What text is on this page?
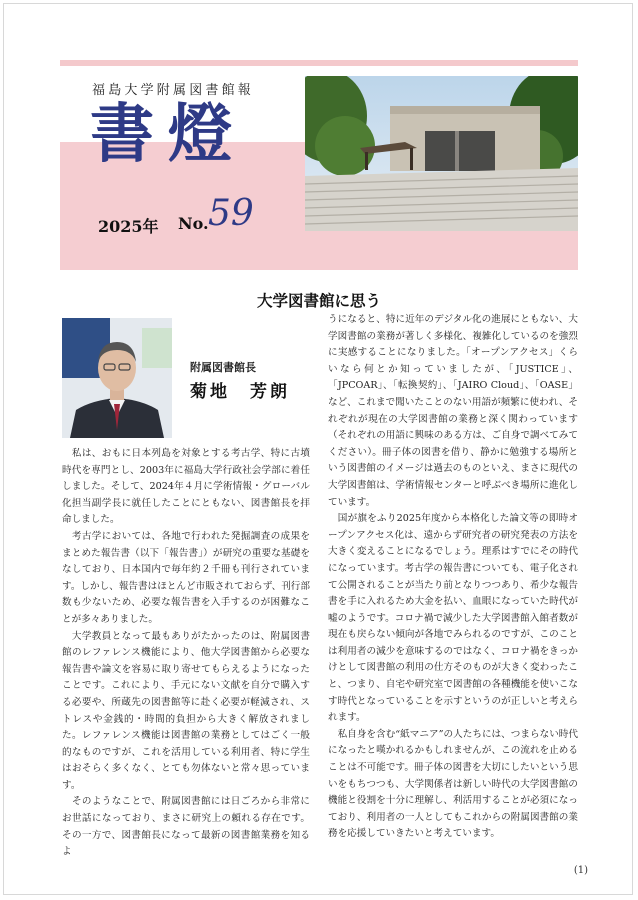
福島大学附属図書館報
書燈
2025年 No. 59
大学図書館に思う
附属図書館長
菊地　芳朗

　私は、おもに日本列島を対象とする考古学、特に古墳時代を専門とし、2003年に福島大学行政社会学部に着任しました。そして、2024年４月に学術情報・グローバル化担当副学長に就任したことにともない、図書館長を拝命しました。

　考古学においては、各地で行われた発掘調査の成果をまとめた報告書（以下「報告書」）が研究の重要な基礎をなしており、日本国内で毎年約２千冊も刊行されています。しかし、報告書はほとんど市販されておらず、刊行部数も少ないため、必要な報告書を入手するのが困難なことが多々ありました。

　大学教員となって最もありがたかったのは、附属図書館のレファレンス機能により、他大学図書館から必要な報告書や論文を容易に取り寄せてもらえるようになったことです。これにより、手元にない文献を自分で購入する必要や、所蔵先の図書館等に赴く必要が軽減され、ストレスや金銭的・時間的負担から大きく解放されました。レファレンス機能は図書館の業務としてはごく一般的なものですが、これを活用している利用者、特に学生はおそらく多くなく、とても勿体ないと常々思っています。

　そのようなことで、附属図書館には日ごろから非常にお世話になっており、まさに研究上の頼れる存在です。その一方で、図書館長になって最新の図書館業務を知るよ

うになると、特に近年のデジタル化の進展にともない、大学図書館の業務が著しく多様化、複雑化しているのを強烈に実感することになりました。「オープンアクセス」くらいなら何とか知っていましたが、「JUSTICE」、「JPCOAR」、「転換契約」、「JAIRO Cloud」、「OASE」など、これまで聞いたことのない用語が頻繁に使われ、それぞれが現在の大学図書館の業務と深く関わっています（それぞれの用語に興味のある方は、ご自身で調べてみてください）。冊子体の図書を借り、静かに勉強する場所という図書館のイメージは過去のものといえ、まさに現代の大学図書館は、学術情報センターと呼ぶべき場所に進化しています。

　国が旗をふり2025年度から本格化した論文等の即時オープンアクセス化は、遠からず研究者の研究発表の方法を大きく変えることになるでしょう。理系はすでにその時代になっています。考古学の報告書についても、電子化されて公開されることが当たり前となりつつあり、希少な報告書を手に入れるため大金を払い、血眼になっていた時代が嘘のようです。コロナ禍で減少した大学図書館入館者数が現在も戻らない傾向が各地でみられるのですが、このことは利用者の減少を意味するのではなく、コロナ禍をきっかけとして図書館の利用の仕方そのものが大きく変わったこと、つまり、自宅や研究室で図書館の各種機能を使いこなす時代となっていることを示すというのが正しいと考えられます。

　私自身を含む“紙マニア”の人たちには、つまらない時代になったと嘆かれるかもしれませんが、この流れを止めることは不可能です。冊子体の図書を大切にしたいという思いをもちつつも、大学関係者は新しい時代の大学図書館の機能と役割を十分に理解し、利活用することが必須になっており、利用者の一人としてもこれからの附属図書館の業務を応援していきたいと考えています。

(1)
